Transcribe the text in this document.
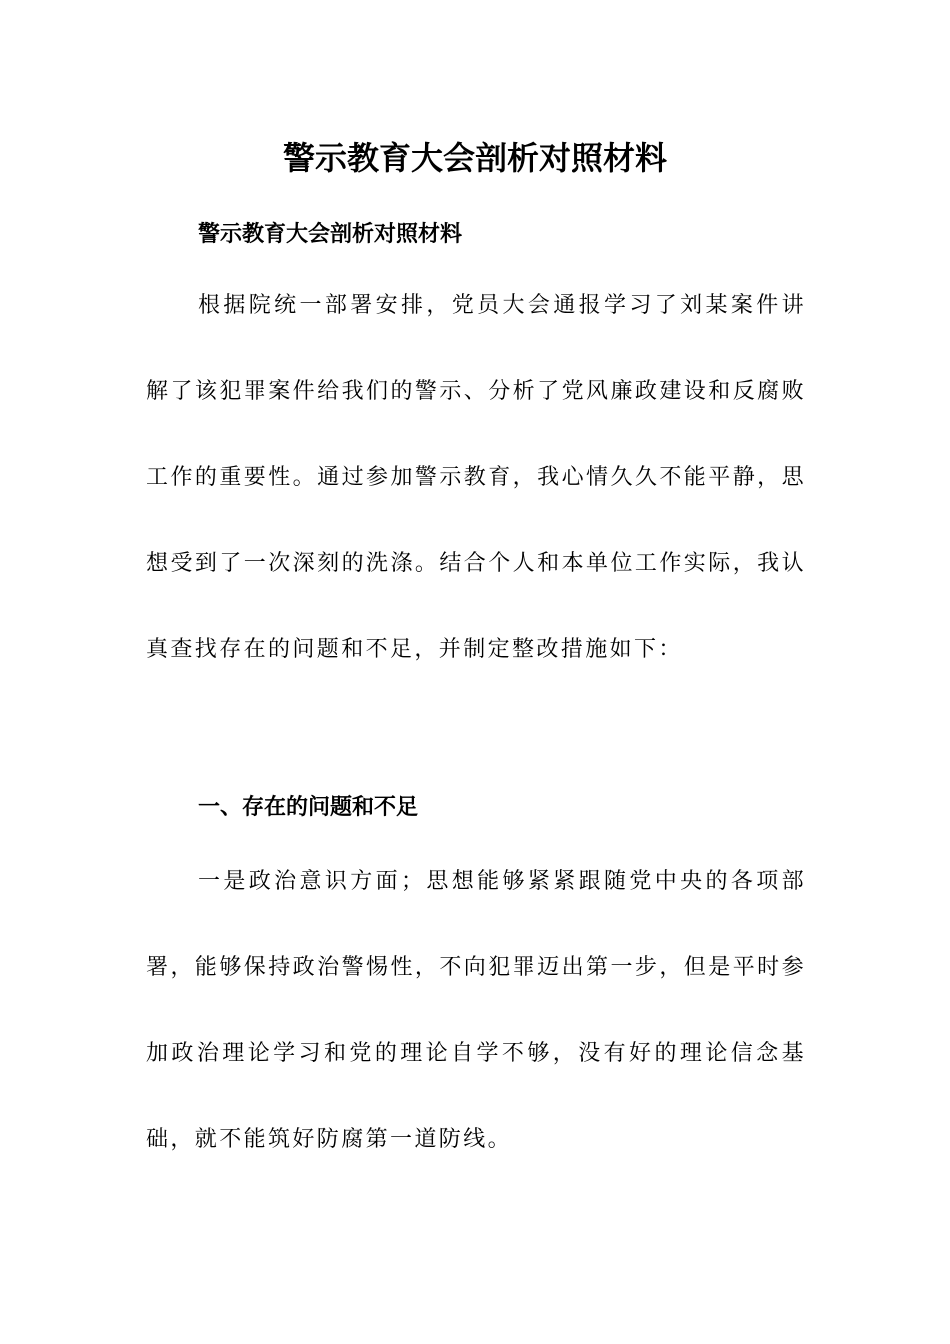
警示教育大会剖析对照材料
警示教育大会剖析对照材料

根据院统一部署安排，党员大会通报学习了刘某案件讲解了该犯罪案件给我们的警示、分析了党风廉政建设和反腐败工作的重要性。通过参加警示教育，我心情久久不能平静，思想受到了一次深刻的洗涤。结合个人和本单位工作实际，我认真查找存在的问题和不足，并制定整改措施如下：

一、存在的问题和不足

一是政治意识方面；思想能够紧紧跟随党中央的各项部署，能够保持政治警惕性，不向犯罪迈出第一步，但是平时参加政治理论学习和党的理论自学不够，没有好的理论信念基础，就不能筑好防腐第一道防线。
